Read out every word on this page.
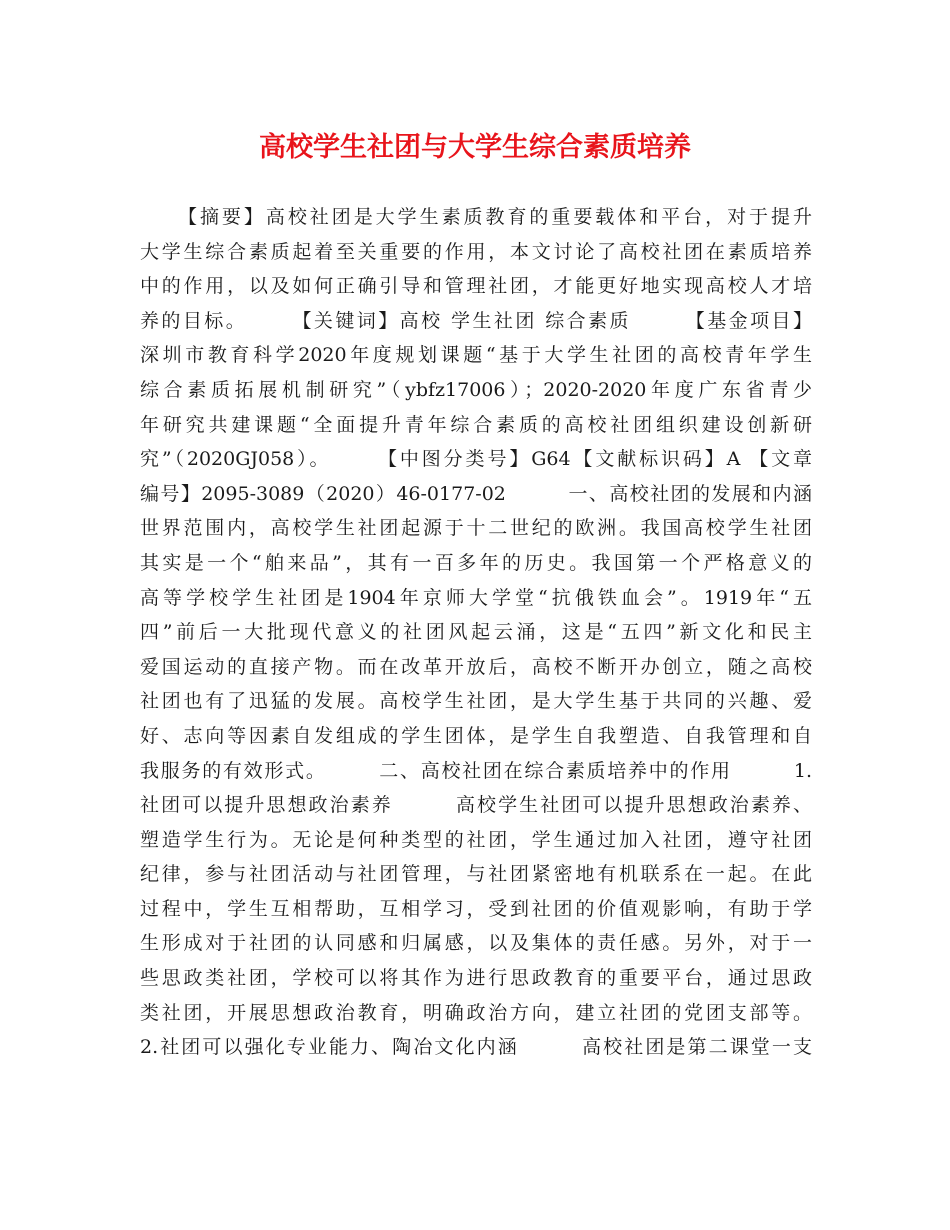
高校学生社团与大学生综合素质培养
【摘要】高校社团是大学生素质教育的重要载体和平台，对于提升
大学生综合素质起着至关重要的作用，本文讨论了高校社团在素质培养
中的作用，以及如何正确引导和管理社团，才能更好地实现高校人才培
养的目标。　　　【关键词】高校 学生社团 综合素质　　　【基金项目】
深圳市教育科学2020年度规划课题“基于大学生社团的高校青年学生
综合素质拓展机制研究”（ybfz17006）；2020-2020年度广东省青少
年研究共建课题“全面提升青年综合素质的高校社团组织建设创新研
究”（2020GJ058）。　　　【中图分类号】G64【文献标识码】A 【文章
编号】2095-3089（2020）46-0177-02　　　一、高校社团的发展和内涵
世界范围内，高校学生社团起源于十二世纪的欧洲。我国高校学生社团
其实是一个“舶来品”，其有一百多年的历史。我国第一个严格意义的
高等学校学生社团是1904年京师大学堂“抗俄铁血会”。1919年“五
四”前后一大批现代意义的社团风起云涌，这是“五四”新文化和民主
爱国运动的直接产物。而在改革开放后，高校不断开办创立，随之高校
社团也有了迅猛的发展。高校学生社团，是大学生基于共同的兴趣、爱
好、志向等因素自发组成的学生团体，是学生自我塑造、自我管理和自
我服务的有效形式。　　　二、高校社团在综合素质培养中的作用　　　1.
社团可以提升思想政治素养　　　高校学生社团可以提升思想政治素养、
塑造学生行为。无论是何种类型的社团，学生通过加入社团，遵守社团
纪律，参与社团活动与社团管理，与社团紧密地有机联系在一起。在此
过程中，学生互相帮助，互相学习，受到社团的价值观影响，有助于学
生形成对于社团的认同感和归属感，以及集体的责任感。另外，对于一
些思政类社团，学校可以将其作为进行思政教育的重要平台，通过思政
类社团，开展思想政治教育，明确政治方向，建立社团的党团支部等。
2.社团可以强化专业能力、陶冶文化内涵　　　高校社团是第二课堂一支
